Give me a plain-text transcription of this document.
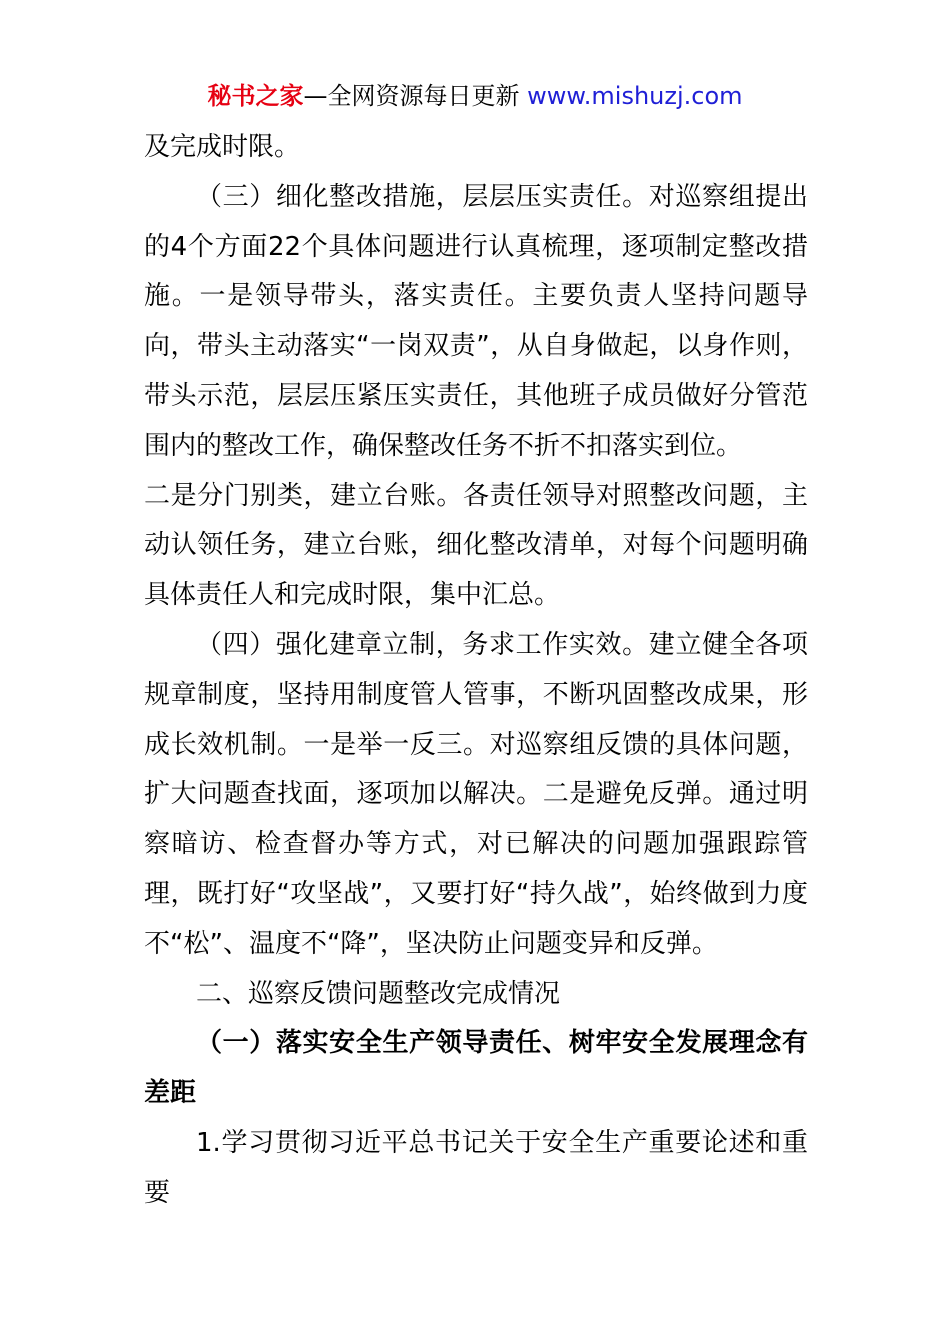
秘书之家—全网资源每日更新 www.mishuzj.com

及完成时限。

（三）细化整改措施，层层压实责任。对巡察组提出的4个方面22个具体问题进行认真梳理，逐项制定整改措施。一是领导带头，落实责任。主要负责人坚持问题导向，带头主动落实“一岗双责”，从自身做起，以身作则，带头示范，层层压紧压实责任，其他班子成员做好分管范围内的整改工作，确保整改任务不折不扣落实到位。

二是分门别类，建立台账。各责任领导对照整改问题，主动认领任务，建立台账，细化整改清单，对每个问题明确具体责任人和完成时限，集中汇总。

（四）强化建章立制，务求工作实效。建立健全各项规章制度，坚持用制度管人管事，不断巩固整改成果，形成长效机制。一是举一反三。对巡察组反馈的具体问题，扩大问题查找面，逐项加以解决。二是避免反弹。通过明察暗访、检查督办等方式，对已解决的问题加强跟踪管理，既打好“攻坚战”，又要打好“持久战”，始终做到力度不“松”、温度不“降”，坚决防止问题变异和反弹。

二、巡察反馈问题整改完成情况

（一）落实安全生产领导责任、树牢安全发展理念有差距

1.学习贯彻习近平总书记关于安全生产重要论述和重要
